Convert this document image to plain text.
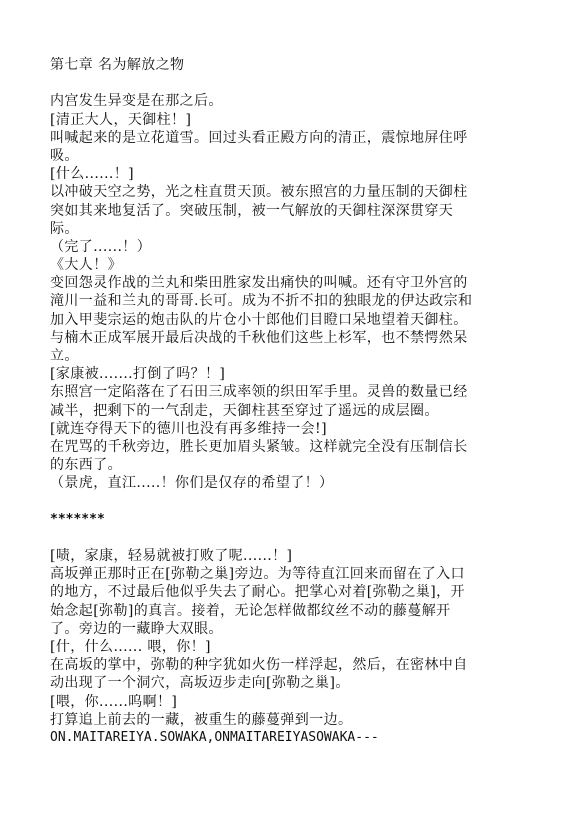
第七章 名为解放之物
内宫发生异变是在那之后。
[清正大人，天御柱！]
叫喊起来的是立花道雪。回过头看正殿方向的清正，震惊地屏住呼
吸。
[什么......！]
以冲破天空之势，光之柱直贯天顶。被东照宫的力量压制的天御柱
突如其来地复活了。突破压制，被一气解放的天御柱深深贯穿天
际。
（完了......！）
《大人！》
变回怨灵作战的兰丸和柴田胜家发出痛快的叫喊。还有守卫外宫的
滝川一益和兰丸的哥哥.长可。成为不折不扣的独眼龙的伊达政宗和
加入甲斐宗运的炮击队的片仓小十郎他们目瞪口呆地望着天御柱。
与楠木正成军展开最后决战的千秋他们这些上杉军，也不禁愕然呆
立。
[家康被.......打倒了吗？！]
东照宫一定陷落在了石田三成率领的织田军手里。灵兽的数量已经
减半，把剩下的一气刮走，天御柱甚至穿过了遥远的成层圈。
[就连夺得天下的德川也没有再多维持一会!]
在咒骂的千秋旁边，胜长更加眉头紧皱。这样就完全没有压制信长
的东西了。
（景虎，直江.....！你们是仅存的希望了！）
*******
[啧，家康，轻易就被打败了呢......！]
高坂弹正那时正在[弥勒之巢]旁边。为等待直江回来而留在了入口
的地方，不过最后他似乎失去了耐心。把掌心对着[弥勒之巢]，开
始念起[弥勒]的真言。接着，无论怎样做都纹丝不动的藤蔓解开
了。旁边的一藏睁大双眼。
[什，什么...... 喂，你！]
在高坂的掌中，弥勒的种字犹如火伤一样浮起，然后，在密林中自
动出现了一个洞穴，高坂迈步走向[弥勒之巢]。
[喂，你......呜啊！]
打算追上前去的一藏，被重生的藤蔓弹到一边。
ON.MAITAREIYA.SOWAKA,ONMAITAREIYASOWAKA---
